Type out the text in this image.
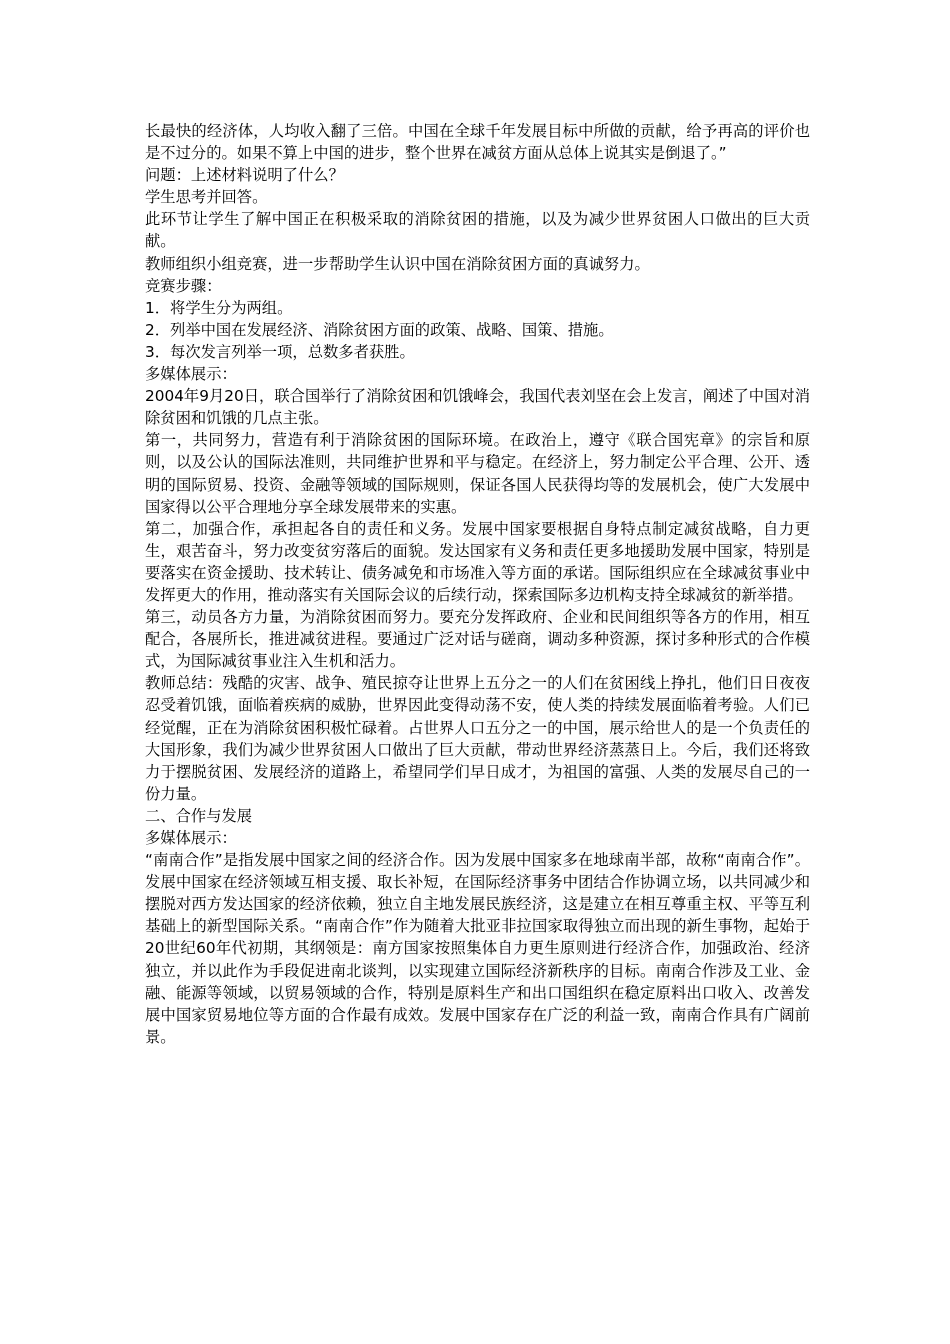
长最快的经济体，人均收入翻了三倍。中国在全球千年发展目标中所做的贡献，给予再高的评价也是不过分的。如果不算上中国的进步，整个世界在减贫方面从总体上说其实是倒退了。”

问题：上述材料说明了什么？

学生思考并回答。

此环节让学生了解中国正在积极采取的消除贫困的措施，以及为减少世界贫困人口做出的巨大贡献。

教师组织小组竞赛，进一步帮助学生认识中国在消除贫困方面的真诚努力。

竞赛步骤：

1．将学生分为两组。

2．列举中国在发展经济、消除贫困方面的政策、战略、国策、措施。

3．每次发言列举一项，总数多者获胜。

多媒体展示：

2004年9月20日，联合国举行了消除贫困和饥饿峰会，我国代表刘坚在会上发言，阐述了中国对消除贫困和饥饿的几点主张。

第一，共同努力，营造有利于消除贫困的国际环境。在政治上，遵守《联合国宪章》的宗旨和原则，以及公认的国际法准则，共同维护世界和平与稳定。在经济上，努力制定公平合理、公开、透明的国际贸易、投资、金融等领域的国际规则，保证各国人民获得均等的发展机会，使广大发展中国家得以公平合理地分享全球发展带来的实惠。

第二，加强合作，承担起各自的责任和义务。发展中国家要根据自身特点制定减贫战略，自力更生，艰苦奋斗，努力改变贫穷落后的面貌。发达国家有义务和责任更多地援助发展中国家，特别是要落实在资金援助、技术转让、债务减免和市场准入等方面的承诺。国际组织应在全球减贫事业中发挥更大的作用，推动落实有关国际会议的后续行动，探索国际多边机构支持全球减贫的新举措。

第三，动员各方力量，为消除贫困而努力。要充分发挥政府、企业和民间组织等各方的作用，相互配合，各展所长，推进减贫进程。要通过广泛对话与磋商，调动多种资源，探讨多种形式的合作模式，为国际减贫事业注入生机和活力。

教师总结：残酷的灾害、战争、殖民掠夺让世界上五分之一的人们在贫困线上挣扎，他们日日夜夜忍受着饥饿，面临着疾病的威胁，世界因此变得动荡不安，使人类的持续发展面临着考验。人们已经觉醒，正在为消除贫困积极忙碌着。占世界人口五分之一的中国，展示给世人的是一个负责任的大国形象，我们为减少世界贫困人口做出了巨大贡献，带动世界经济蒸蒸日上。今后，我们还将致力于摆脱贫困、发展经济的道路上，希望同学们早日成才，为祖国的富强、人类的发展尽自己的一份力量。

二、合作与发展

多媒体展示：

“南南合作”是指发展中国家之间的经济合作。因为发展中国家多在地球南半部，故称“南南合作”。发展中国家在经济领域互相支援、取长补短，在国际经济事务中团结合作协调立场，以共同减少和摆脱对西方发达国家的经济依赖，独立自主地发展民族经济，这是建立在相互尊重主权、平等互利基础上的新型国际关系。“南南合作”作为随着大批亚非拉国家取得独立而出现的新生事物，起始于20世纪60年代初期，其纲领是：南方国家按照集体自力更生原则进行经济合作，加强政治、经济独立，并以此作为手段促进南北谈判，以实现建立国际经济新秩序的目标。南南合作涉及工业、金融、能源等领域，以贸易领域的合作，特别是原料生产和出口国组织在稳定原料出口收入、改善发展中国家贸易地位等方面的合作最有成效。发展中国家存在广泛的利益一致，南南合作具有广阔前景。
